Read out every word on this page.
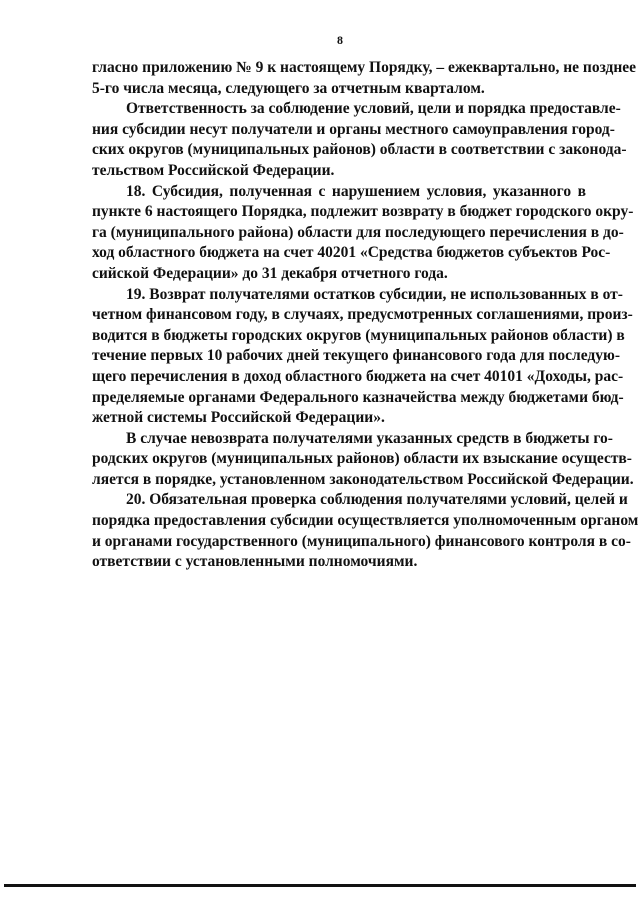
8
гласно приложению № 9 к настоящему Порядку, – ежеквартально, не позднее
5-го числа месяца, следующего за отчетным кварталом.
Ответственность за соблюдение условий, цели и порядка предоставле-
ния субсидии несут получатели и органы местного самоуправления город-
ских округов (муниципальных районов) области в соответствии с законода-
тельством Российской Федерации.
18. Субсидия, полученная с нарушением условия, указанного в
пункте 6 настоящего Порядка, подлежит возврату в бюджет городского окру-
га (муниципального района) области для последующего перечисления в до-
ход областного бюджета на счет 40201 «Средства бюджетов субъектов Рос-
сийской Федерации» до 31 декабря отчетного года.
19. Возврат получателями остатков субсидии, не использованных в от-
четном финансовом году, в случаях, предусмотренных соглашениями, произ-
водится в бюджеты городских округов (муниципальных районов области) в
течение первых 10 рабочих дней текущего финансового года для последую-
щего перечисления в доход областного бюджета на счет 40101 «Доходы, рас-
пределяемые органами Федерального казначейства между бюджетами бюд-
жетной системы Российской Федерации».
В случае невозврата получателями указанных средств в бюджеты го-
родских округов (муниципальных районов) области их взыскание осуществ-
ляется в порядке, установленном законодательством Российской Федерации.
20. Обязательная проверка соблюдения получателями условий, целей и
порядка предоставления субсидии осуществляется уполномоченным органом
и органами государственного (муниципального) финансового контроля в со-
ответствии с установленными полномочиями.
